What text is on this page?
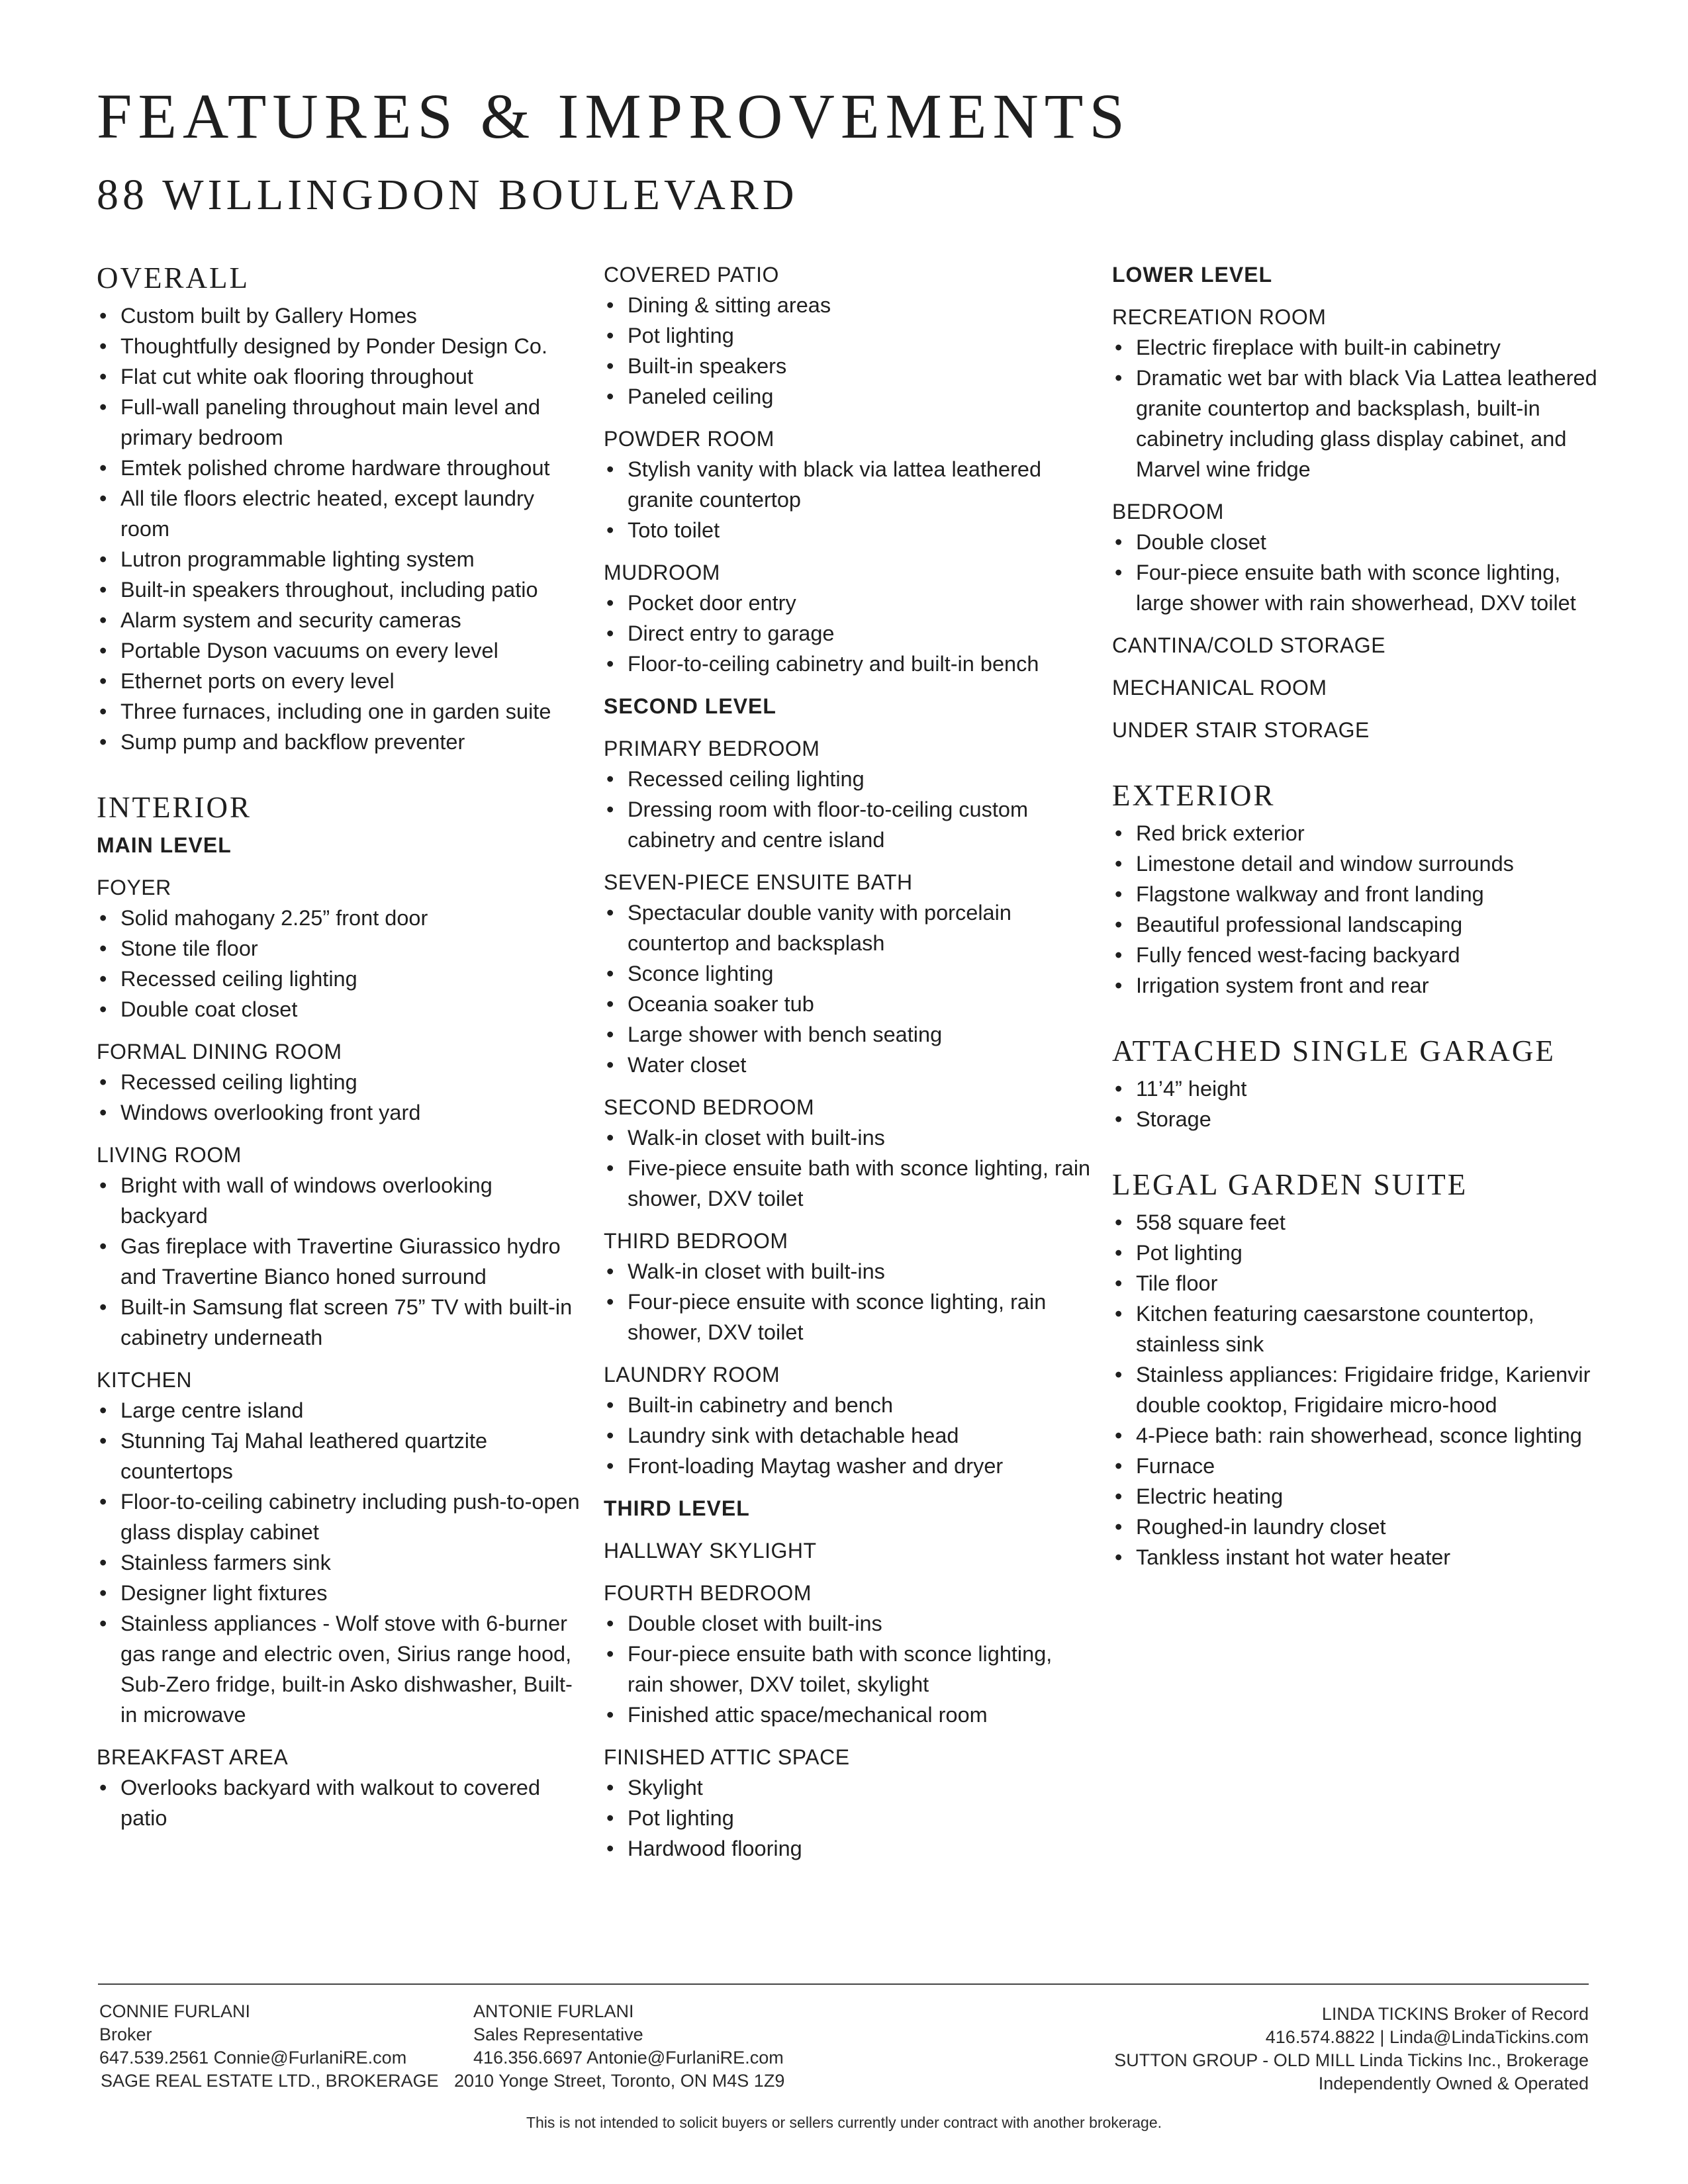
FEATURES & IMPROVEMENTS
88 WILLINGDON BOULEVARD
OVERALL
• Custom built by Gallery Homes
• Thoughtfully designed by Ponder Design Co.
• Flat cut white oak flooring throughout
• Full-wall paneling throughout main level and primary bedroom
• Emtek polished chrome hardware throughout
• All tile floors electric heated, except laundry room
• Lutron programmable lighting system
• Built-in speakers throughout, including patio
• Alarm system and security cameras
• Portable Dyson vacuums on every level
• Ethernet ports on every level
• Three furnaces, including one in garden suite
• Sump pump and backflow preventer
INTERIOR
MAIN LEVEL
FOYER
• Solid mahogany 2.25” front door
• Stone tile floor
• Recessed ceiling lighting
• Double coat closet
FORMAL DINING ROOM
• Recessed ceiling lighting
• Windows overlooking front yard
LIVING ROOM
• Bright with wall of windows overlooking backyard
• Gas fireplace with Travertine Giurassico hydro and Travertine Bianco honed surround
• Built-in Samsung flat screen 75” TV with built-in cabinetry underneath
KITCHEN
• Large centre island
• Stunning Taj Mahal leathered quartzite countertops
• Floor-to-ceiling cabinetry including push-to-open glass display cabinet
• Stainless farmers sink
• Designer light fixtures
• Stainless appliances - Wolf stove with 6-burner gas range and electric oven, Sirius range hood, Sub-Zero fridge, built-in Asko dishwasher, Built-in microwave
BREAKFAST AREA
• Overlooks backyard with walkout to covered patio
COVERED PATIO
• Dining & sitting areas
• Pot lighting
• Built-in speakers
• Paneled ceiling
POWDER ROOM
• Stylish vanity with black via lattea leathered granite countertop
• Toto toilet
MUDROOM
• Pocket door entry
• Direct entry to garage
• Floor-to-ceiling cabinetry and built-in bench
SECOND LEVEL
PRIMARY BEDROOM
• Recessed ceiling lighting
• Dressing room with floor-to-ceiling custom cabinetry and centre island
SEVEN-PIECE ENSUITE BATH
• Spectacular double vanity with porcelain countertop and backsplash
• Sconce lighting
• Oceania soaker tub
• Large shower with bench seating
• Water closet
SECOND BEDROOM
• Walk-in closet with built-ins
• Five-piece ensuite bath with sconce lighting, rain shower, DXV toilet
THIRD BEDROOM
• Walk-in closet with built-ins
• Four-piece ensuite with sconce lighting, rain shower, DXV toilet
LAUNDRY ROOM
• Built-in cabinetry and bench
• Laundry sink with detachable head
• Front-loading Maytag washer and dryer
THIRD LEVEL
HALLWAY SKYLIGHT
FOURTH BEDROOM
• Double closet with built-ins
• Four-piece ensuite bath with sconce lighting, rain shower, DXV toilet, skylight
• Finished attic space/mechanical room
FINISHED ATTIC SPACE
• Skylight
• Pot lighting
• Hardwood flooring
LOWER LEVEL
RECREATION ROOM
• Electric fireplace with built-in cabinetry
• Dramatic wet bar with black Via Lattea leathered granite countertop and backsplash, built-in cabinetry including glass display cabinet, and Marvel wine fridge
BEDROOM
• Double closet
• Four-piece ensuite bath with sconce lighting, large shower with rain showerhead, DXV toilet
CANTINA/COLD STORAGE
MECHANICAL ROOM
UNDER STAIR STORAGE
EXTERIOR
• Red brick exterior
• Limestone detail and window surrounds
• Flagstone walkway and front landing
• Beautiful professional landscaping
• Fully fenced west-facing backyard
• Irrigation system front and rear
ATTACHED SINGLE GARAGE
• 11’4” height
• Storage
LEGAL GARDEN SUITE
• 558 square feet
• Pot lighting
• Tile floor
• Kitchen featuring caesarstone countertop, stainless sink
• Stainless appliances: Frigidaire fridge, Karienvir double cooktop, Frigidaire micro-hood
• 4-Piece bath: rain showerhead, sconce lighting
• Furnace
• Electric heating
• Roughed-in laundry closet
• Tankless instant hot water heater
CONNIE FURLANI
Broker
647.539.2561 Connie@FurlaniRE.com
ANTONIE FURLANI
Sales Representative
416.356.6697 Antonie@FurlaniRE.com
SAGE REAL ESTATE LTD., BROKERAGE 2010 Yonge Street, Toronto, ON M4S 1Z9
LINDA TICKINS Broker of Record
416.574.8822 | Linda@LindaTickins.com
SUTTON GROUP - OLD MILL Linda Tickins Inc., Brokerage
Independently Owned & Operated
This is not intended to solicit buyers or sellers currently under contract with another brokerage.
